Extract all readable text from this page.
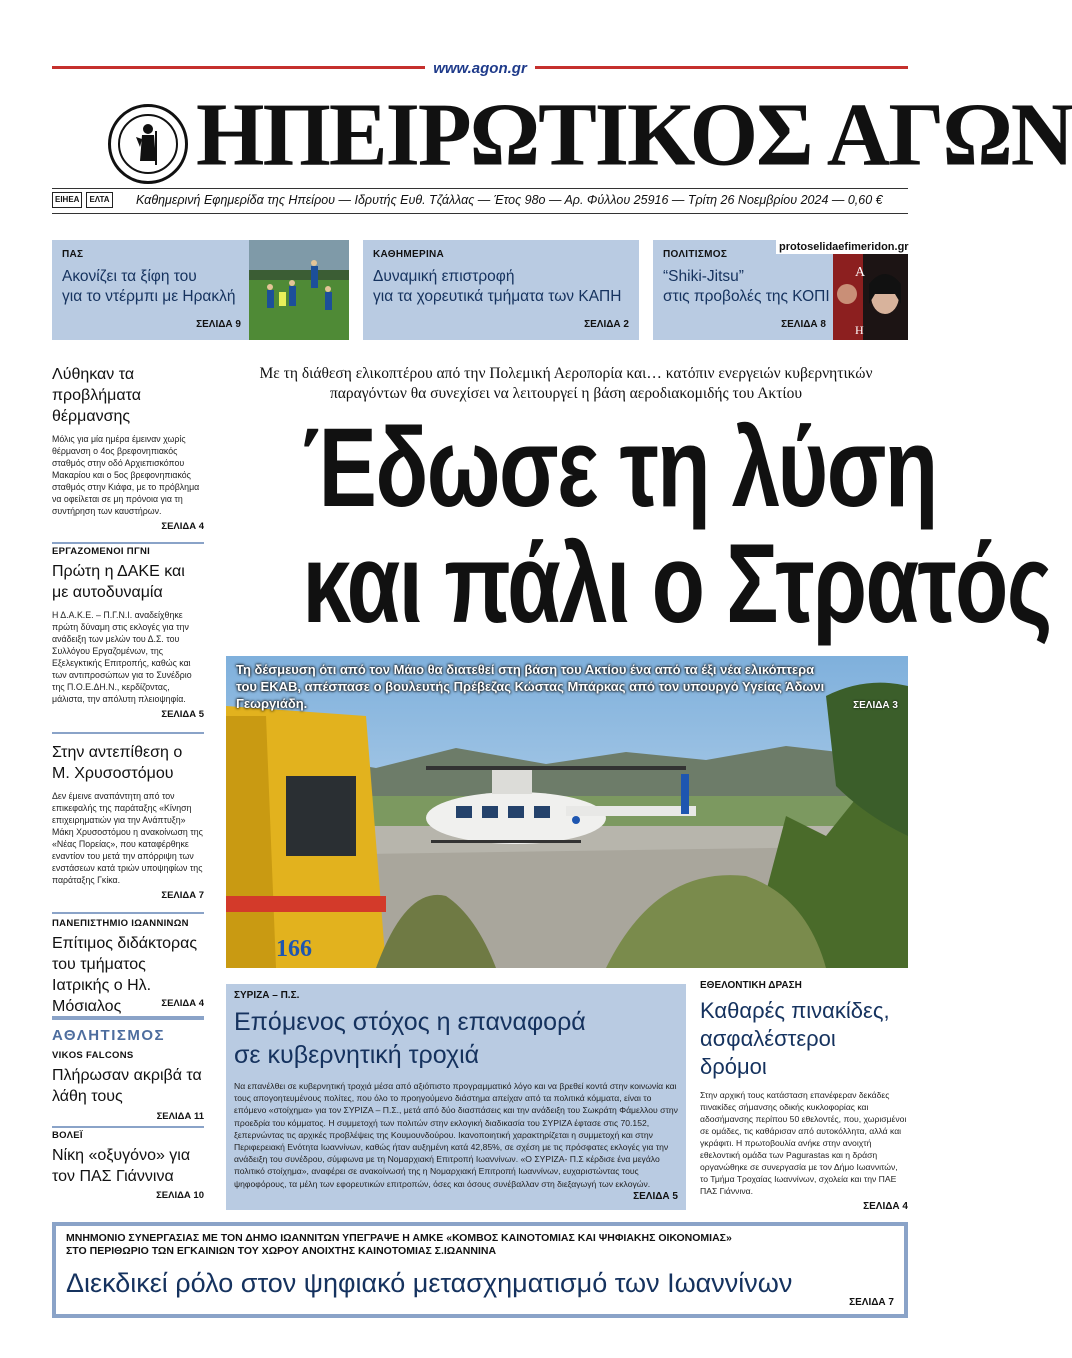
www.agon.gr
ΗΠΕΙΡΩΤΙΚΟΣ ΑΓΩΝ
ΕΙΗΕΑ	ΕΛΤΑ Καθημερινή Εφημερίδα της Ηπείρου — Ιδρυτής Ευθ. Τζάλλας — Έτος 98ο — Αρ. Φύλλου 25916 — Τρίτη 26 Νοεμβρίου 2024 — 0,60 €
ΠΑΣ
Ακονίζει τα ξίφη του
για το ντέρμπι με Ηρακλή
ΣΕΛΙΔΑ 9
ΚΑΘΗΜΕΡΙΝΑ
Δυναμική επιστροφή
για τα χορευτικά τμήματα των ΚΑΠΗ
ΣΕΛΙΔΑ 2
ΠΟΛΙΤΙΣΜΟΣ
“Shiki-Jitsu”
στις προβολές της ΚΟΠΙ
ΣΕΛΙΔΑ 8
A
H
protoselidaefimeridon.gr
Λύθηκαν τα προβλήματα θέρμανσης
Μόλις για μία ημέρα έμειναν χωρίς θέρμανση ο 4ος βρεφονηπιακός σταθμός στην οδό Αρχιεπισκόπου Μακαρίου και ο 5ος βρεφονηπιακός σταθμός στην Κιάφα, με το πρόβλημα να οφείλεται σε μη πρόνοια για τη συντήρηση των καυστήρων.
ΣΕΛΙΔΑ 4
ΕΡΓΑΖΟΜΕΝΟΙ ΠΓΝΙ
Πρώτη η ΔΑΚΕ και με αυτοδυναμία
Η Δ.Α.Κ.Ε. – Π.Γ.Ν.Ι. αναδείχθηκε πρώτη δύναμη στις εκλογές για την ανάδειξη των μελών του Δ.Σ. του Συλλόγου Εργαζομένων, της Εξελεγκτικής Επιτροπής, καθώς και των αντιπροσώπων για το Συνέδριο της Π.Ο.Ε.ΔΗ.Ν., κερδίζοντας, μάλιστα, την απόλυτη πλειοψηφία.
ΣΕΛΙΔΑ 5
Στην αντεπίθεση ο Μ. Χρυσοστόμου
Δεν έμεινε αναπάντητη από τον επικεφαλής της παράταξης «Κίνηση επιχειρηματιών για την Ανάπτυξη» Μάκη Χρυσοστόμου η ανακοίνωση της «Νέας Πορείας», που καταφέρθηκε εναντίον του μετά την απόρριψη των ενστάσεων κατά τριών υποψηφίων της παράταξης Γκίκα.
ΣΕΛΙΔΑ 7
ΠΑΝΕΠΙΣΤΗΜΙΟ ΙΩΑΝΝΙΝΩΝ
Επίτιμος διδάκτορας του τμήματος Ιατρικής ο Ηλ. Μόσιαλος	ΣΕΛΙΔΑ 4
ΑΘΛΗΤΙΣΜΟΣ
VIKOS FALCONS
Πλήρωσαν ακριβά τα λάθη τους
ΣΕΛΙΔΑ 11
ΒΟΛΕΪ
Νίκη «οξυγόνο» για τον ΠΑΣ Γιάννινα
ΣΕΛΙΔΑ 10
Με τη διάθεση ελικοπτέρου από την Πολεμική Αεροπορία και… κατόπιν ενεργειών κυβερνητικών παραγόντων θα συνεχίσει να λειτουργεί η βάση αεροδιακομιδής του Ακτίου
Έδωσε τη λύση
και πάλι ο Στρατός
166
Τη δέσμευση ότι από τον Μάιο θα διατεθεί στη βάση του Ακτίου ένα από τα έξι νέα ελικόπτερα του ΕΚΑΒ, απέσπασε ο βουλευτής Πρέβεζας Κώστας Μπάρκας από τον υπουργό Υγείας Άδωνι Γεωργιάδη.	ΣΕΛΙΔΑ 3
ΣΥΡΙΖΑ – Π.Σ.
Επόμενος στόχος η επαναφορά
σε κυβερνητική τροχιά
Να επανέλθει σε κυβερνητική τροχιά μέσα από αξιόπιστο προγραμματικό λόγο και να βρεθεί κοντά στην κοινωνία και τους απογοητευμένους πολίτες, που όλο το προηγούμενο διάστημα απείχαν από τα πολιτικά κόμματα, είναι το επόμενο «στοίχημα» για τον ΣΥΡΙΖΑ – Π.Σ., μετά από δύο διασπάσεις και την ανάδειξη του Σωκράτη Φάμελλου στην προεδρία του κόμματος. Η συμμετοχή των πολιτών στην εκλογική διαδικασία του ΣΥΡΙΖΑ έφτασε στις 70.152, ξεπερνώντας τις αρχικές προβλέψεις της Κουμουνδούρου. Ικανοποιητική χαρακτηρίζεται η συμμετοχή και στην Περιφερειακή Ενότητα Ιωαννίνων, καθώς ήταν αυξημένη κατά 42,85%, σε σχέση με τις πρόσφατες εκλογές για την ανάδειξη του συνέδρου, σύμφωνα με τη Νομαρχιακή Επιτροπή Ιωαννίνων. «Ο ΣΥΡΙΖΑ- Π.Σ κέρδισε ένα μεγάλο πολιτικό στοίχημα», αναφέρει σε ανακοίνωσή της η Νομαρχιακή Επιτροπή Ιωαννίνων, ευχαριστώντας τους ψηφοφόρους, τα μέλη των εφορευτικών επιτροπών, όσες και όσους συνέβαλλαν στη διεξαγωγή των εκλογών.
ΣΕΛΙΔΑ 5
ΕΘΕΛΟΝΤΙΚΗ ΔΡΑΣΗ
Καθαρές πινακίδες, ασφαλέστεροι δρόμοι
Στην αρχική τους κατάσταση επανέφεραν δεκάδες πινακίδες σήμανσης οδικής κυκλοφορίας και αδοσήμανσης περίπου 50 εθελοντές, που, χωρισμένοι σε ομάδες, τις καθάρισαν από αυτοκόλλητα, αλλά και γκράφιτι. Η πρωτοβουλία ανήκε στην ανοιχτή εθελοντική ομάδα των Pagurastas και η δράση οργανώθηκε σε συνεργασία με τον Δήμο Ιωαννιτών, το Τμήμα Τροχαίας Ιωαννίνων, σχολεία και την ΠΑΕ ΠΑΣ Γιάννινα.
ΣΕΛΙΔΑ 4
ΜΝΗΜΟΝΙΟ ΣΥΝΕΡΓΑΣΙΑΣ ΜΕ ΤΟΝ ΔΗΜΟ ΙΩΑΝΝΙΤΩΝ ΥΠΕΓΡΑΨΕ Η ΑΜΚΕ «ΚΟΜΒΟΣ ΚΑΙΝΟΤΟΜΙΑΣ ΚΑΙ ΨΗΦΙΑΚΗΣ ΟΙΚΟΝΟΜΙΑΣ»
ΣΤΟ ΠΕΡΙΘΩΡΙΟ ΤΩΝ ΕΓΚΑΙΝΙΩΝ ΤΟΥ ΧΩΡΟΥ ΑΝΟΙΧΤΗΣ ΚΑΙΝΟΤΟΜΙΑΣ Σ.ΙΩΑΝΝΙΝΑ
Διεκδικεί ρόλο στον ψηφιακό μετασχηματισμό των Ιωαννίνων
ΣΕΛΙΔΑ 7
